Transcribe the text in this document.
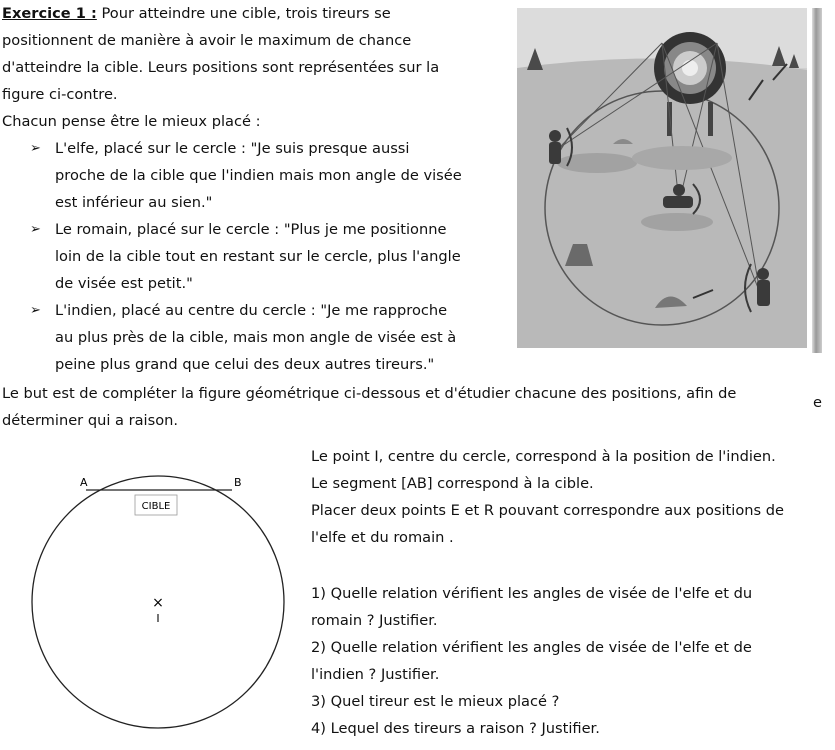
Exercice 1 : Pour atteindre une cible, trois tireurs se
positionnent de manière à avoir le maximum de chance
d'atteindre la cible. Leurs positions sont représentées sur la
figure ci-contre.
Chacun pense être le mieux placé :
➢ L'elfe, placé sur le cercle : "Je suis presque aussi
proche de la cible que l'indien mais mon angle de visée
est inférieur au sien."
➢ Le romain, placé sur le cercle : "Plus je me positionne
loin de la cible tout en restant sur le cercle, plus l'angle
de visée est petit."
➢ L'indien, placé au centre du cercle : "Je me rapproche
au plus près de la cible, mais mon angle de visée est à
peine plus grand que celui des deux autres tireurs."
Le but est de compléter la figure géométrique ci-dessous et d'étudier chacune des positions, afin de
déterminer qui a raison.
e
A	B
CIBLE
×
I
Le point I, centre du cercle, correspond à la position de l'indien.
Le segment [AB] correspond à la cible.
Placer deux points E et R pouvant correspondre aux positions de
l'elfe et du romain .
1) Quelle relation vérifient les angles de visée de l'elfe et du
romain ? Justifier.
2) Quelle relation vérifient les angles de visée de l'elfe et de
l'indien ? Justifier.
3) Quel tireur est le mieux placé ?
4) Lequel des tireurs a raison ? Justifier.
